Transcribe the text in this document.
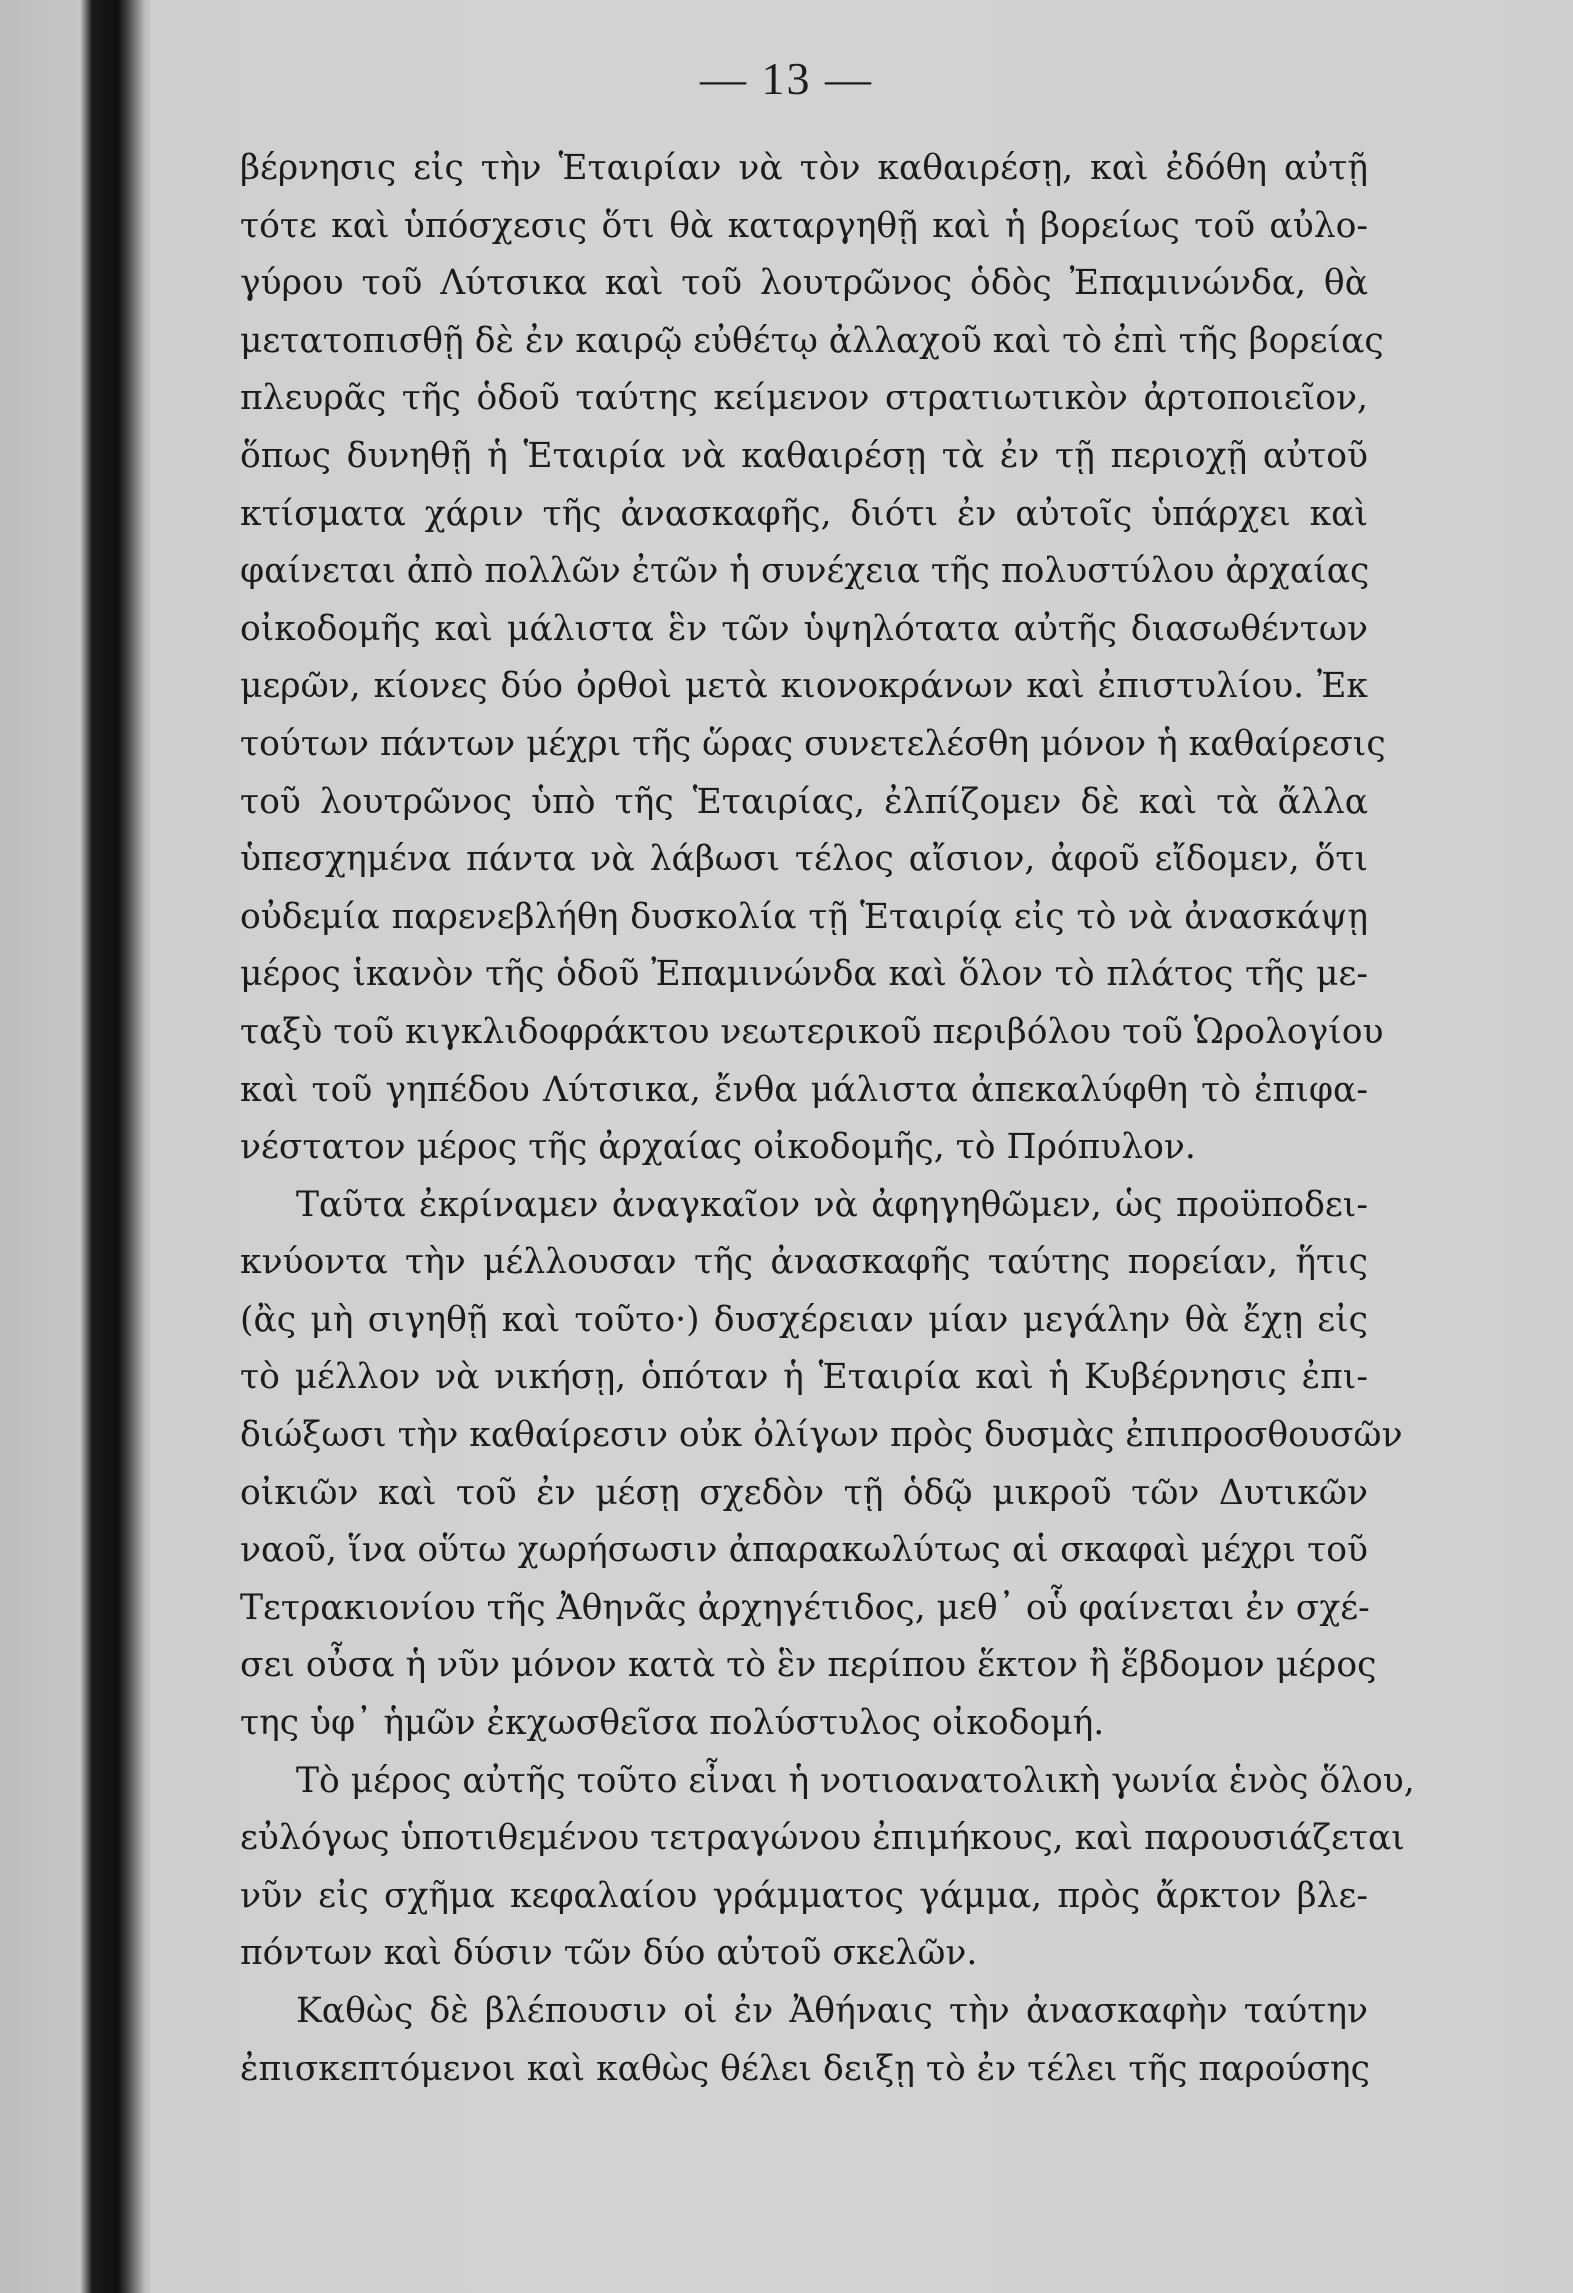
— 13 —
βέρνησις εἰς τὴν Ἑταιρίαν νὰ τὸν καθαιρέσῃ, καὶ ἐδόθη αὐτῇ
τότε καὶ ὑπόσχεσις ὅτι θὰ καταργηθῇ καὶ ἡ βορείως τοῦ αὐλο-
γύρου τοῦ Λύτσικα καὶ τοῦ λουτρῶνος ὁδὸς Ἐπαμινώνδα, θὰ
μετατοπισθῇ δὲ ἐν καιρῷ εὐθέτῳ ἀλλαχοῦ καὶ τὸ ἐπὶ τῆς βορείας
πλευρᾶς τῆς ὁδοῦ ταύτης κείμενον στρατιωτικὸν ἀρτοποιεῖον,
ὅπως δυνηθῇ ἡ Ἑταιρία νὰ καθαιρέσῃ τὰ ἐν τῇ περιοχῇ αὐτοῦ
κτίσματα χάριν τῆς ἀνασκαφῆς, διότι ἐν αὐτοῖς ὑπάρχει καὶ
φαίνεται ἀπὸ πολλῶν ἐτῶν ἡ συνέχεια τῆς πολυστύλου ἀρχαίας
οἰκοδομῆς καὶ μάλιστα ἓν τῶν ὑψηλότατα αὐτῆς διασωθέντων
μερῶν, κίονες δύο ὀρθοὶ μετὰ κιονοκράνων καὶ ἐπιστυλίου. Ἐκ
τούτων πάντων μέχρι τῆς ὥρας συνετελέσθη μόνον ἡ καθαίρεσις
τοῦ λουτρῶνος ὑπὸ τῆς Ἑταιρίας, ἐλπίζομεν δὲ καὶ τὰ ἄλλα
ὑπεσχημένα πάντα νὰ λάβωσι τέλος αἴσιον, ἀφοῦ εἴδομεν, ὅτι
οὐδεμία παρενεβλήθη δυσκολία τῇ Ἑταιρίᾳ εἰς τὸ νὰ ἀνασκάψῃ
μέρος ἱκανὸν τῆς ὁδοῦ Ἐπαμινώνδα καὶ ὅλον τὸ πλάτος τῆς με-
ταξὺ τοῦ κιγκλιδοφράκτου νεωτερικοῦ περιβόλου τοῦ Ὡρολογίου
καὶ τοῦ γηπέδου Λύτσικα, ἔνθα μάλιστα ἀπεκαλύφθη τὸ ἐπιφα-
νέστατον μέρος τῆς ἀρχαίας οἰκοδομῆς, τὸ Πρόπυλον.
Ταῦτα ἐκρίναμεν ἀναγκαῖον νὰ ἀφηγηθῶμεν, ὡς προϋποδει-
κνύοντα τὴν μέλλουσαν τῆς ἀνασκαφῆς ταύτης πορείαν, ἥτις
(ἂς μὴ σιγηθῇ καὶ τοῦτο·) δυσχέρειαν μίαν μεγάλην θὰ ἔχῃ εἰς
τὸ μέλλον νὰ νικήσῃ, ὁπόταν ἡ Ἑταιρία καὶ ἡ Κυβέρνησις ἐπι-
διώξωσι τὴν καθαίρεσιν οὐκ ὀλίγων πρὸς δυσμὰς ἐπιπροσθουσῶν
οἰκιῶν καὶ τοῦ ἐν μέσῃ σχεδὸν τῇ ὁδῷ μικροῦ τῶν Δυτικῶν
ναοῦ, ἵνα οὕτω χωρήσωσιν ἀπαρακωλύτως αἱ σκαφαὶ μέχρι τοῦ
Τετρακιονίου τῆς Ἀθηνᾶς ἀρχηγέτιδος, μεθ᾽ οὗ φαίνεται ἐν σχέ-
σει οὖσα ἡ νῦν μόνον κατὰ τὸ ἓν περίπου ἕκτον ἢ ἕβδομον μέρος
της ὑφ᾽ ἡμῶν ἐκχωσθεῖσα πολύστυλος οἰκοδομή.
Τὸ μέρος αὐτῆς τοῦτο εἶναι ἡ νοτιοανατολικὴ γωνία ἑνὸς ὅλου,
εὐλόγως ὑποτιθεμένου τετραγώνου ἐπιμήκους, καὶ παρουσιάζεται
νῦν εἰς σχῆμα κεφαλαίου γράμματος γάμμα, πρὸς ἄρκτον βλε-
πόντων καὶ δύσιν τῶν δύο αὐτοῦ σκελῶν.
Καθὼς δὲ βλέπουσιν οἱ ἐν Ἀθήναις τὴν ἀνασκαφὴν ταύτην
ἐπισκεπτόμενοι καὶ καθὼς θέλει δειξῃ τὸ ἐν τέλει τῆς παρούσης
